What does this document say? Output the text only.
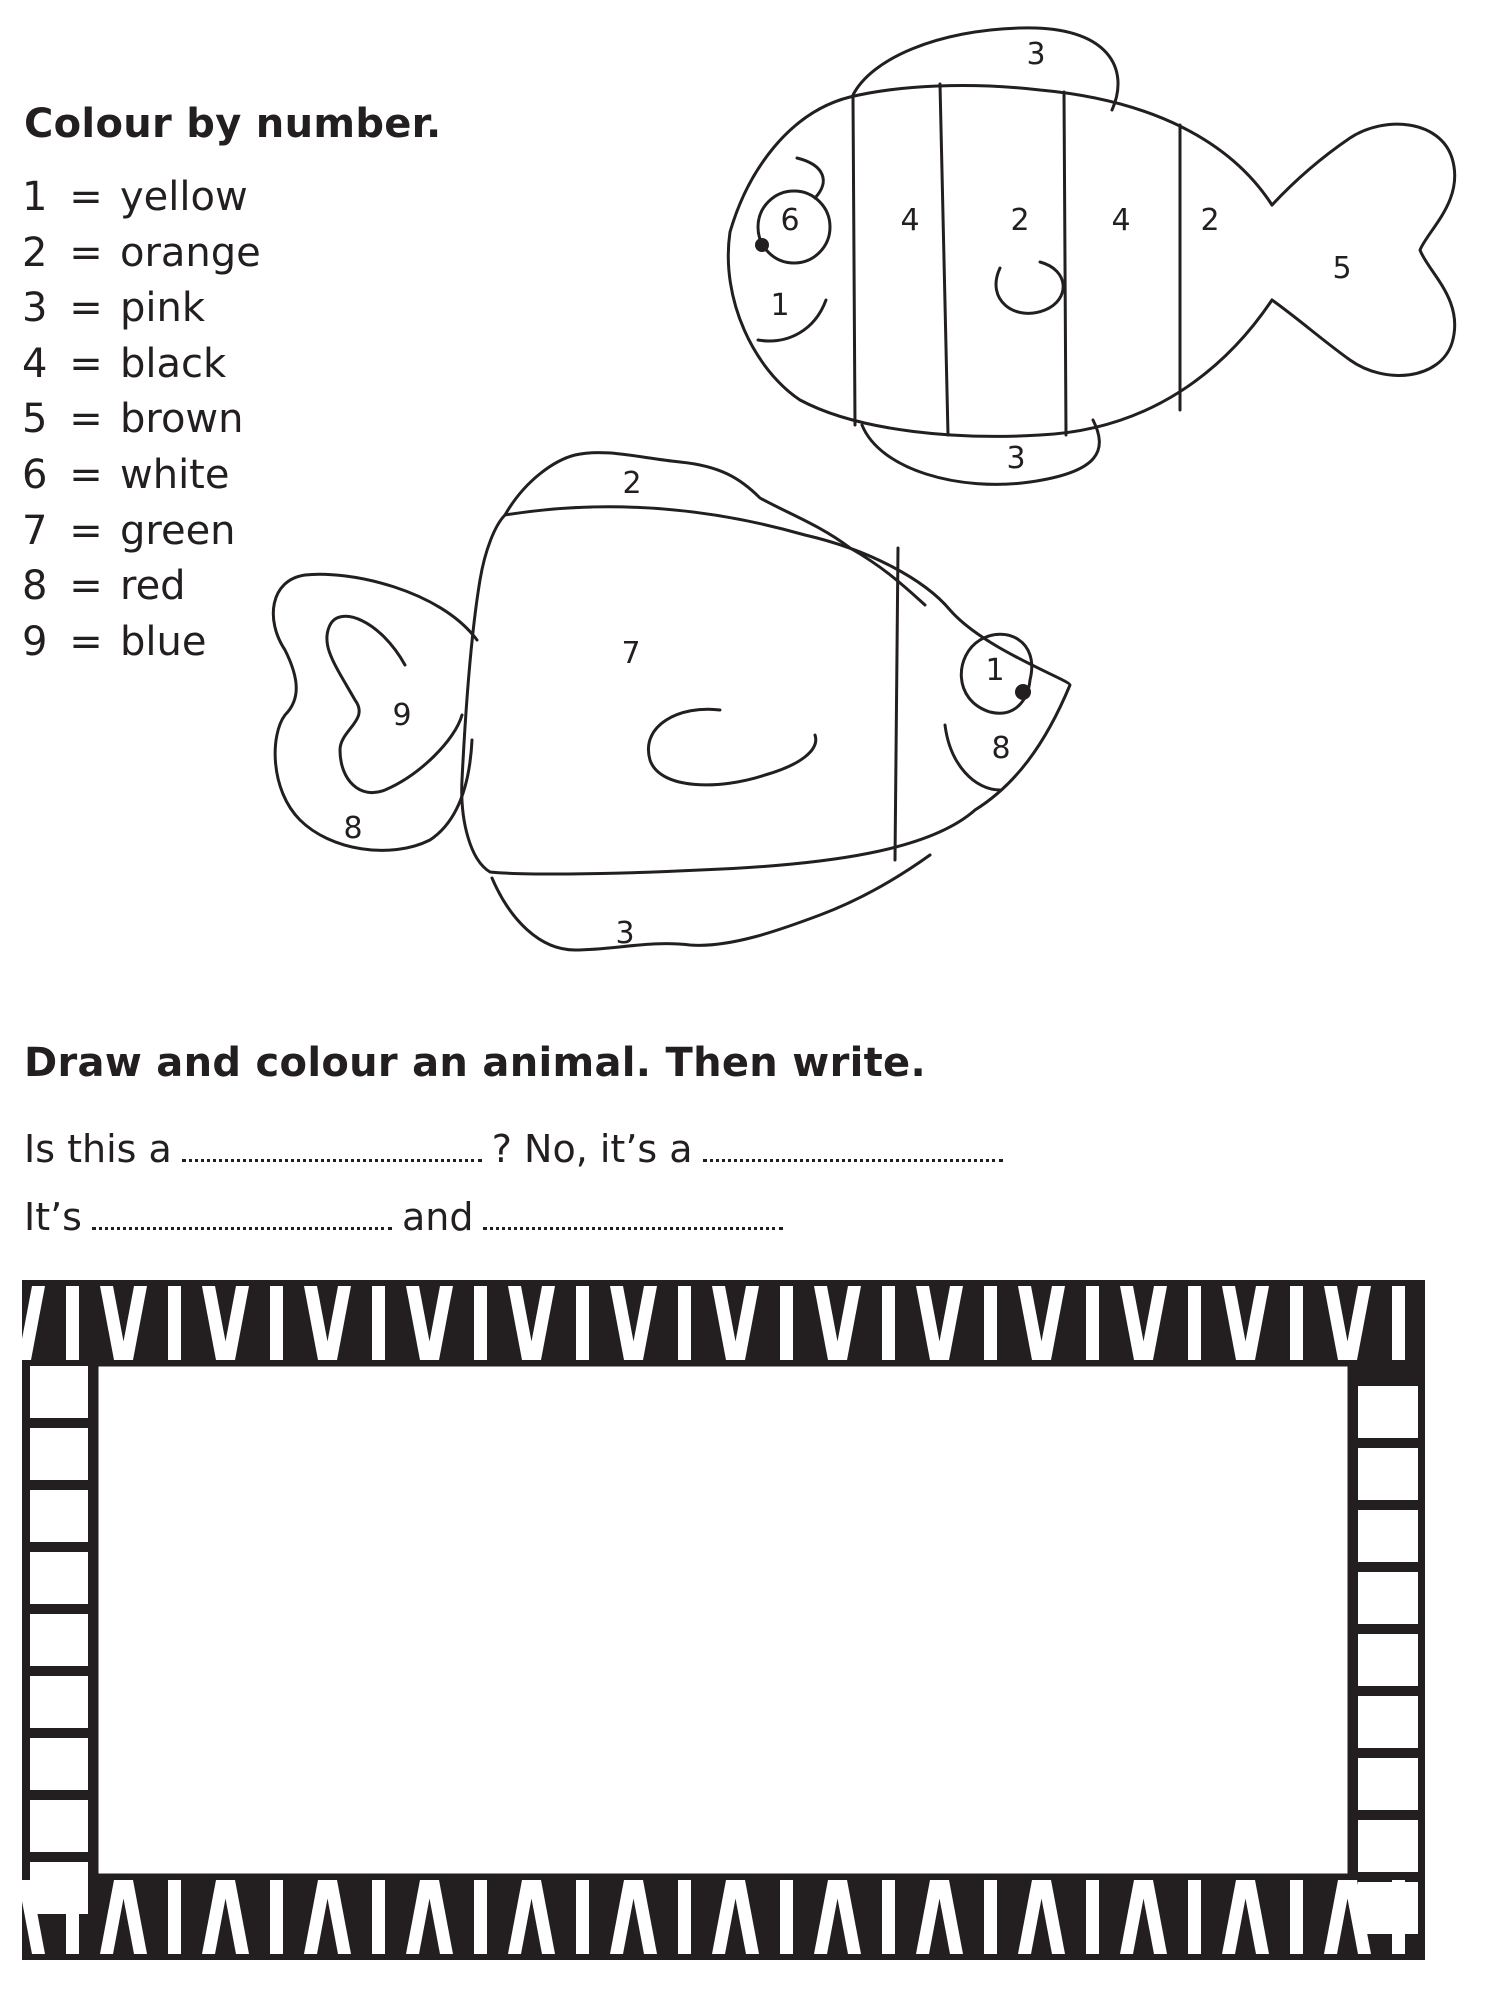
Colour by number.
1 = yellow
2 = orange
3 = pink
4 = black
5 = brown
6 = white
7 = green
8 = red
9 = blue
3
6	4	2	4 2
5
1
3
2
7	1
8
9
8
3
Draw and colour an animal. Then write.
Is this a	? No, it’s a
It’s	and
